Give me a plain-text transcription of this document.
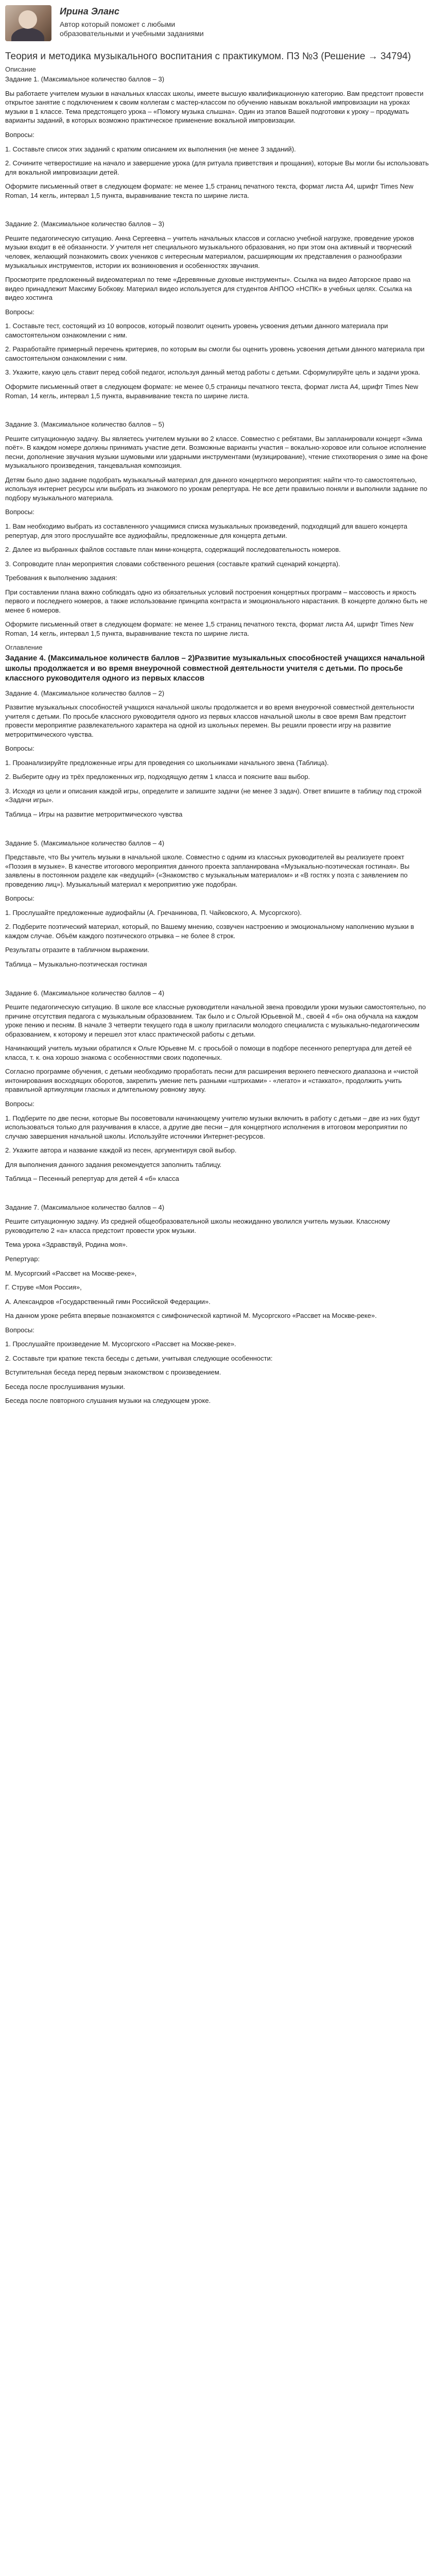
Ирина Эланс
Автор который поможет с любыми образовательными и учебными заданиями
Теория и методика музыкального воспитания с практикумом. ПЗ №3 (Решение → 34794)
Описание

Задание 1. (Максимальное количество баллов – 3)

Вы работаете учителем музыки в начальных классах школы, имеете высшую квалификационную категорию. Вам предстоит провести открытое занятие с подключением к своим коллегам с мастер-классом по обучению навыкам вокальной импровизации на уроках музыки в 1 классе. Тема предстоящего урока – «Помогу музыка слышна». Один из этапов Вашей подготовки к уроку – продумать варианты заданий, в которых возможно практическое применение вокальной импровизации.

Вопросы:

1. Составьте список этих заданий с кратким описанием их выполнения (не менее 3 заданий).

2. Сочините четверостишие на начало и завершение урока (для ритуала приветствия и прощания), которые Вы могли бы использовать для вокальной импровизации детей.

Оформите письменный ответ в следующем формате: не менее 1,5 страниц печатного текста, формат листа А4, шрифт Times New Roman, 14 кегль, интервал 1,5 пункта, выравнивание текста по ширине листа.

Задание 2. (Максимальное количество баллов – 3)

Решите педагогическую ситуацию. Анна Сергеевна – учитель начальных классов и согласно учебной нагрузке, проведение уроков музыки входит в её обязанности. У учителя нет специального музыкального образования, но при этом она активный и творческий человек, желающий познакомить своих учеников с интересным материалом, расширяющим их представления о разнообразии музыкальных инструментов, истории их возникновения и особенностях звучания.

Просмотрите предложенный видеоматериал по теме «Деревянные духовые инструменты». Ссылка на видео Авторское право на видео принадлежит Максиму Бобкову. Материал видео используется для студентов АНПОО «НСПК» в учебных целях. Ссылка на видео хостинга

Вопросы:

1. Составьте тест, состоящий из 10 вопросов, который позволит оценить уровень усвоения детьми данного материала при самостоятельном ознакомлении с ним.

2. Разработайте примерный перечень критериев, по которым вы смогли бы оценить уровень усвоения детьми данного материала при самостоятельном ознакомлении с ним.

3. Укажите, какую цель ставит перед собой педагог, используя данный метод работы с детьми. Сформулируйте цель и задачи урока.

Оформите письменный ответ в следующем формате: не менее 0,5 страницы печатного текста, формат листа А4, шрифт Times New Roman, 14 кегль, интервал 1,5 пункта, выравнивание текста по ширине листа.

Задание 3. (Максимальное количество баллов – 5)

Решите ситуационную задачу. Вы являетесь учителем музыки во 2 классе. Совместно с ребятами, Вы запланировали концерт «Зима поёт». В каждом номере должны принимать участие дети. Возможные варианты участия – вокально-хоровое или сольное исполнение песни, дополнение звучания музыки шумовыми или ударными инструментами (музицирование), чтение стихотворения о зиме на фоне музыкального произведения, танцевальная композиция.

Детям было дано задание подобрать музыкальный материал для данного концертного мероприятия: найти что-то самостоятельно, используя интернет ресурсы или выбрать из знакомого по урокам репертуара. Не все дети правильно поняли и выполнили задание по подбору музыкального материала.

Вопросы:

1. Вам необходимо выбрать из составленного учащимися списка музыкальных произведений, подходящий для вашего концерта репертуар, для этого прослушайте все аудиофайлы, предложенные для концерта детьми.

2. Далее из выбранных файлов составьте план мини-концерта, содержащий последовательность номеров.

3. Сопроводите план мероприятия словами собственного решения (составьте краткий сценарий концерта).

Требования к выполнению задания:

При составлении плана важно соблюдать одно из обязательных условий построения концертных программ – массовость и яркость первого и последнего номеров, а также использование принципа контраста и эмоционального нарастания. В концерте должно быть не менее 6 номеров.

Оформите письменный ответ в следующем формате: не менее 1,5 страниц печатного текста, формат листа А4, шрифт Times New Roman, 14 кегль, интервал 1,5 пункта, выравнивание текста по ширине листа.

Оглавление
Задание 4. (Максимальное количеств баллов – 2)Развитие музыкальных способностей учащихся начальной школы продолжается и во время внеурочной совместной деятельности учителя с детьми. По просьбе классного руководителя одного из первых классов

Задание 4. (Максимальное количество баллов – 2)

Развитие музыкальных способностей учащихся начальной школы продолжается и во время внеурочной совместной деятельности учителя с детьми. По просьбе классного руководителя одного из первых классов начальной школы в свое время Вам предстоит провести мероприятие развлекательного характера на одной из школьных перемен. Вы решили провести игру на развитие метроритмического чувства.

Вопросы:

1. Проанализируйте предложенные игры для проведения со школьниками начального звена (Таблица).

2. Выберите одну из трёх предложенных игр, подходящую детям 1 класса и поясните ваш выбор.

3. Исходя из цели и описания каждой игры, определите и запишите задачи (не менее 3 задач). Ответ впишите в таблицу под строкой «Задачи игры».

Таблица – Игры на развитие метроритмического чувства

Задание 5. (Максимальное количество баллов – 4)

Представьте, что Вы учитель музыки в начальной школе. Совместно с одним из классных руководителей вы реализуете проект «Поэзия в музыке». В качестве итогового мероприятия данного проекта запланирована «Музыкально-поэтическая гостиная». Вы заявлены в постоянном разделе как «ведущий» («Знакомство с музыкальным материалом» и «В гостях у поэта с заявлением по проведению лиц»). Музыкальный материал к мероприятию уже подобран.

Вопросы:

1. Прослушайте предложенные аудиофайлы (А. Гречанинова, П. Чайковского, А. Мусоргского).

2. Подберите поэтический материал, который, по Вашему мнению, созвучен настроению и эмоциональному наполнению музыки в каждом случае. Объём каждого поэтического отрывка – не более 8 строк.

Результаты отразите в табличном выражении.

Таблица – Музыкально-поэтическая гостиная

Задание 6. (Максимальное количество баллов – 4)

Решите педагогическую ситуацию. В школе все классные руководители начальной звена проводили уроки музыки самостоятельно, по причине отсутствия педагога с музыкальным образованием. Так было и с Ольгой Юрьевной М., своей 4 «б» она обучала на каждом уроке пению и песням. В начале 3 четверти текущего года в школу пригласили молодого специалиста с музыкально-педагогическим образованием, к которому и перешел этот класс практической работы с детьми.

Начинающий учитель музыки обратился к Ольге Юрьевне М. с просьбой о помощи в подборе песенного репертуара для детей её класса, т. к. она хорошо знакома с особенностями своих подопечных.

Согласно программе обучения, с детьми необходимо проработать песни для расширения верхнего певческого диапазона и «чистой интонирования восходящих оборотов, закрепить умение петь разными «штрихами» - «легато» и «стаккато», продолжить учить правильной артикуляции гласных и длительному ровному звуку.

Вопросы:

1. Подберите по две песни, которые Вы посоветовали начинающему учителю музыки включить в работу с детьми – две из них будут использоваться только для разучивания в классе, а другие две песни – для концертного исполнения в итоговом мероприятии по случаю завершения начальной школы. Используйте источники Интернет-ресурсов.

2. Укажите автора и название каждой из песен, аргументируя свой выбор.

Для выполнения данного задания рекомендуется заполнить таблицу.

Таблица – Песенный репертуар для детей 4 «б» класса

Задание 7. (Максимальное количество баллов – 4)

Решите ситуационную задачу. Из средней общеобразовательной школы неожиданно уволился учитель музыки. Классному руководителю 2 «а» класса предстоит провести урок музыки.

Тема урока «Здравствуй, Родина моя».

Репертуар:

М. Мусоргский «Рассвет на Москве-реке»,

Г. Струве «Моя Россия»,

А. Александров «Государственный гимн Российской Федерации».

На данном уроке ребята впервые познакомятся с симфонической картиной М. Мусоргского «Рассвет на Москве-реке».

Вопросы:

1. Прослушайте произведение М. Мусоргского «Рассвет на Москве-реке».

2. Составьте три краткие текста беседы с детьми, учитывая следующие особенности:

Вступительная беседа перед первым знакомством с произведением.

Беседа после прослушивания музыки.

Беседа после повторного слушания музыки на следующем уроке.
